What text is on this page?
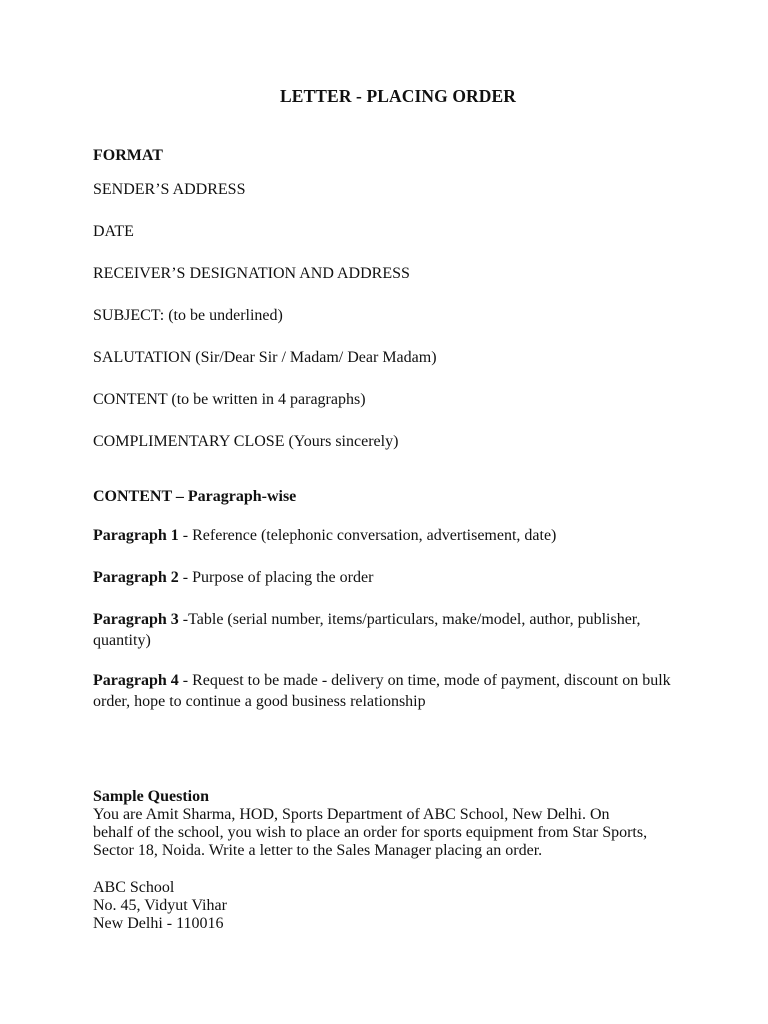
LETTER - PLACING ORDER
FORMAT
SENDER’S ADDRESS
DATE
RECEIVER’S DESIGNATION AND ADDRESS
SUBJECT: (to be underlined)
SALUTATION (Sir/Dear Sir / Madam/ Dear Madam)
CONTENT (to be written in 4 paragraphs)
COMPLIMENTARY CLOSE (Yours sincerely)
CONTENT – Paragraph-wise
Paragraph 1 - Reference (telephonic conversation, advertisement, date)
Paragraph 2 - Purpose of placing the order
Paragraph 3 -Table (serial number, items/particulars, make/model, author, publisher, quantity)
Paragraph 4 - Request to be made - delivery on time, mode of payment, discount on bulk order, hope to continue a good business relationship
Sample Question
You are Amit Sharma, HOD, Sports Department of ABC School, New Delhi. On
behalf of the school, you wish to place an order for sports equipment from Star Sports,
Sector 18, Noida. Write a letter to the Sales Manager placing an order.
ABC School
No. 45, Vidyut Vihar
New Delhi - 110016
